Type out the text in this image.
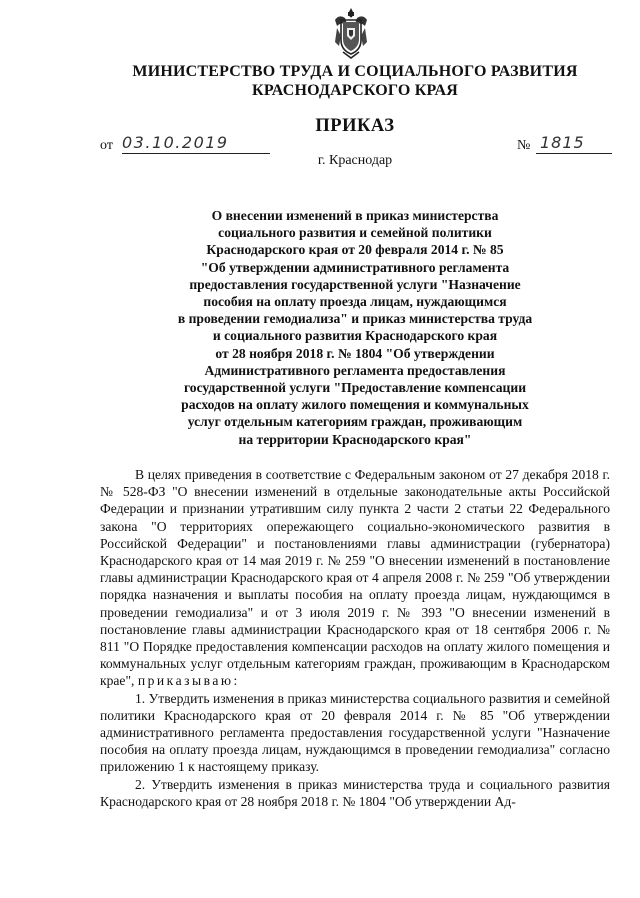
МИНИСТЕРСТВО ТРУДА И СОЦИАЛЬНОГО РАЗВИТИЯ
КРАСНОДАРСКОГО КРАЯ
ПРИКАЗ
от 03.10.2019	№ 1815
г. Краснодар
О внесении изменений в приказ министерства
социального развития и семейной политики
Краснодарского края от 20 февраля 2014 г. № 85
"Об утверждении административного регламента
предоставления государственной услуги "Назначение
пособия на оплату проезда лицам, нуждающимся
в проведении гемодиализа" и приказ министерства труда
и социального развития Краснодарского края
от 28 ноября 2018 г. № 1804 "Об утверждении
Административного регламента предоставления
государственной услуги "Предоставление компенсации
расходов на оплату жилого помещения и коммунальных
услуг отдельным категориям граждан, проживающим
на территории Краснодарского края"

В целях приведения в соответствие с Федеральным законом от 27 декабря 2018 г. № 528-ФЗ "О внесении изменений в отдельные законодательные акты Российской Федерации и признании утратившим силу пункта 2 части 2 статьи 22 Федерального закона "О территориях опережающего социально-экономического развития в Российской Федерации" и постановлениями главы администрации (губернатора) Краснодарского края от 14 мая 2019 г. № 259 "О внесении изменений в постановление главы администрации Краснодарского края от 4 апреля 2008 г. № 259 "Об утверждении порядка назначения и выплаты пособия на оплату проезда лицам, нуждающимся в проведении гемодиализа" и от 3 июля 2019 г. № 393 "О внесении изменений в постановление главы администрации Краснодарского края от 18 сентября 2006 г. № 811 "О Порядке предоставления компенсации расходов на оплату жилого помещения и коммунальных услуг отдельным категориям граждан, проживающим в Краснодарском крае", приказываю:

1. Утвердить изменения в приказ министерства социального развития и семейной политики Краснодарского края от 20 февраля 2014 г. № 85 "Об утверждении административного регламента предоставления государственной услуги "Назначение пособия на оплату проезда лицам, нуждающимся в проведении гемодиализа" согласно приложению 1 к настоящему приказу.

2. Утвердить изменения в приказ министерства труда и социального развития Краснодарского края от 28 ноября 2018 г. № 1804 "Об утверждении Ад-
